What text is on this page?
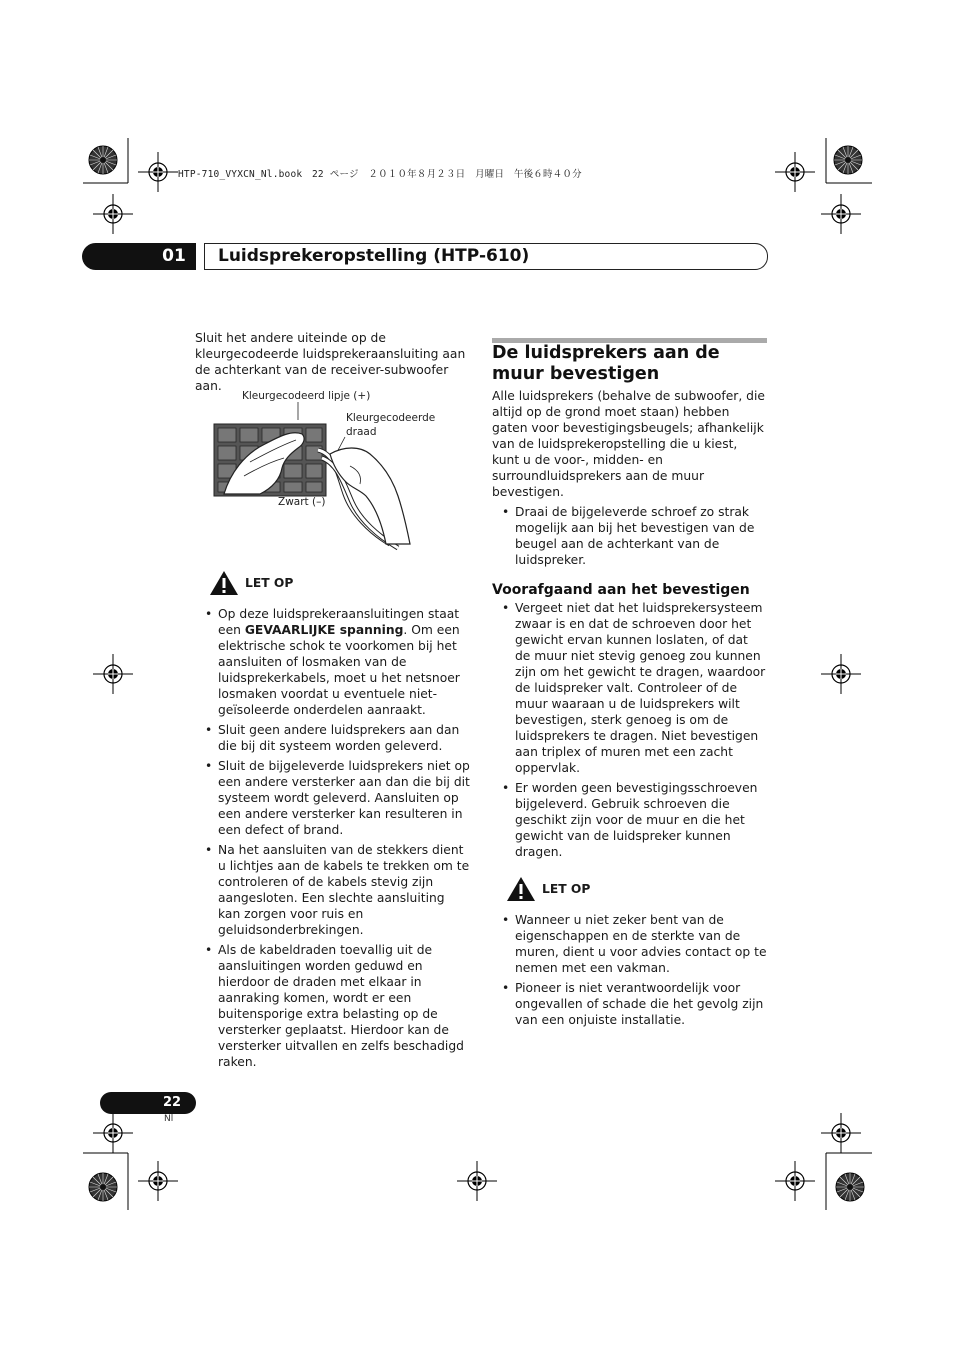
HTP-710_VYXCN_Nl.book　22 ページ　２０１０年８月２３日　月曜日　午後６時４０分
01	Luidsprekeropstelling (HTP-610)

Sluit het andere uiteinde op de kleurgecodeerde luidsprekeraansluiting aan de achterkant van de receiver-subwoofer aan.

Kleurgecodeerd lipje (+)
Kleurgecodeerde
draad
Zwart (–)
LET OP
• Op deze luidsprekeraansluitingen staat een GEVAARLIJKE spanning. Om een elektrische schok te voorkomen bij het aansluiten of losmaken van de luidsprekerkabels, moet u het netsnoer losmaken voordat u eventuele niet-geïsoleerde onderdelen aanraakt.
• Sluit geen andere luidsprekers aan dan die bij dit systeem worden geleverd.
• Sluit de bijgeleverde luidsprekers niet op een andere versterker aan dan die bij dit systeem wordt geleverd. Aansluiten op een andere versterker kan resulteren in een defect of brand.
• Na het aansluiten van de stekkers dient u lichtjes aan de kabels te trekken om te controleren of de kabels stevig zijn aangesloten. Een slechte aansluiting kan zorgen voor ruis en geluidsonderbrekingen.
• Als de kabeldraden toevallig uit de aansluitingen worden geduwd en hierdoor de draden met elkaar in aanraking komen, wordt er een buitensporige extra belasting op de versterker geplaatst. Hierdoor kan de versterker uitvallen en zelfs beschadigd raken.
De luidsprekers aan de muur bevestigen

Alle luidsprekers (behalve de subwoofer, die altijd op de grond moet staan) hebben gaten voor bevestigingsbeugels; afhankelijk van de luidsprekeropstelling die u kiest, kunt u de voor-, midden- en surroundluidsprekers aan de muur bevestigen.

• Draai de bijgeleverde schroef zo strak mogelijk aan bij het bevestigen van de beugel aan de achterkant van de luidspreker.
Voorafgaand aan het bevestigen
• Vergeet niet dat het luidsprekersysteem zwaar is en dat de schroeven door het gewicht ervan kunnen loslaten, of dat de muur niet stevig genoeg zou kunnen zijn om het gewicht te dragen, waardoor de luidspreker valt. Controleer of de muur waaraan u de luidsprekers wilt bevestigen, sterk genoeg is om de luidsprekers te dragen. Niet bevestigen aan triplex of muren met een zacht oppervlak.
• Er worden geen bevestigingsschroeven bijgeleverd. Gebruik schroeven die geschikt zijn voor de muur en die het gewicht van de luidspreker kunnen dragen.
LET OP
• Wanneer u niet zeker bent van de eigenschappen en de sterkte van de muren, dient u voor advies contact op te nemen met een vakman.
• Pioneer is niet verantwoordelijk voor ongevallen of schade die het gevolg zijn van een onjuiste installatie.
22
Nl
